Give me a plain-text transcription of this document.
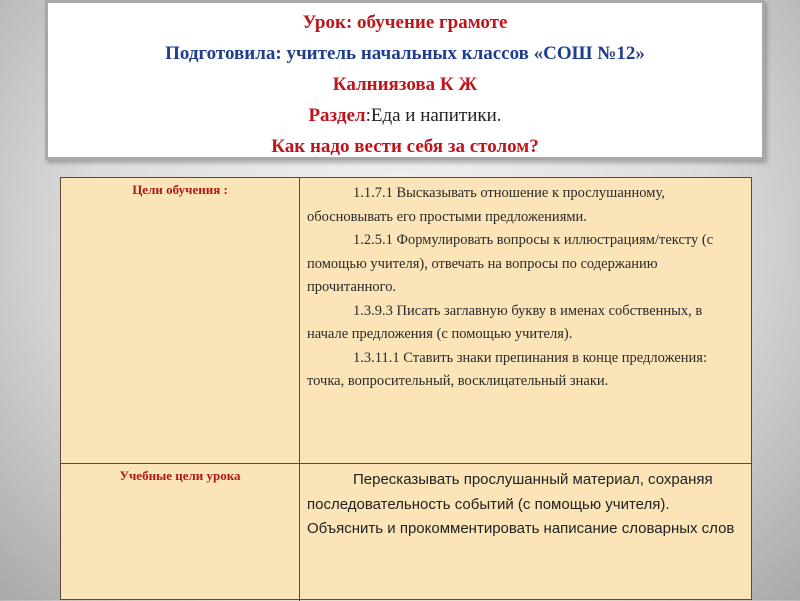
Урок: обучение грамоте
Подготовила: учитель начальных классов «СОШ №12»
Калниязова К Ж
Раздел:Еда и напитики.
Как надо вести себя за столом?
Цели обучения :	1.1.7.1 Высказывать отношение к прослушанному, обосновывать его простыми предложениями.

1.2.5.1 Формулировать вопросы к иллюстрациям/тексту (с помощью учителя), отвечать на вопросы по содержанию прочитанного.

1.3.9.3 Писать заглавную букву в именах собственных, в начале предложения (с помощью учителя).

1.3.11.1 Ставить знаки препинания в конце предложения: точка, вопросительный, восклицательный знаки.

Учебные цели урока	Пересказывать прослушанный материал, сохраняя последовательность событий (с помощью учителя). Объяснить и прокомментировать написание словарных слов
